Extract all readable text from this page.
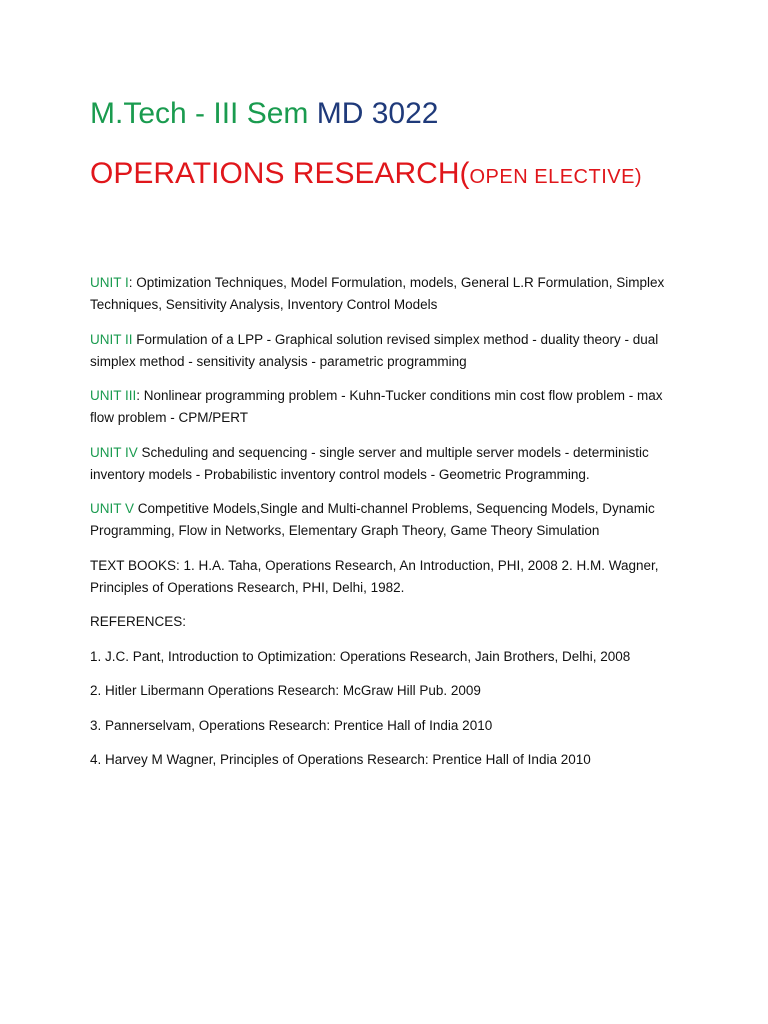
M.Tech - III Sem MD 3022
OPERATIONS RESEARCH(OPEN ELECTIVE)

UNIT I: Optimization Techniques, Model Formulation, models, General L.R Formulation, Simplex Techniques, Sensitivity Analysis, Inventory Control Models

UNIT II Formulation of a LPP - Graphical solution revised simplex method - duality theory - dual simplex method - sensitivity analysis - parametric programming

UNIT III: Nonlinear programming problem - Kuhn-Tucker conditions min cost flow problem - max flow problem - CPM/PERT

UNIT IV Scheduling and sequencing - single server and multiple server models - deterministic inventory models - Probabilistic inventory control models - Geometric Programming.

UNIT V Competitive Models,Single and Multi-channel Problems, Sequencing Models, Dynamic Programming, Flow in Networks, Elementary Graph Theory, Game Theory Simulation

TEXT BOOKS: 1. H.A. Taha, Operations Research, An Introduction, PHI, 2008 2. H.M. Wagner, Principles of Operations Research, PHI, Delhi, 1982.

REFERENCES:

1. J.C. Pant, Introduction to Optimization: Operations Research, Jain Brothers, Delhi, 2008

2. Hitler Libermann Operations Research: McGraw Hill Pub. 2009

3. Pannerselvam, Operations Research: Prentice Hall of India 2010

4. Harvey M Wagner, Principles of Operations Research: Prentice Hall of India 2010
